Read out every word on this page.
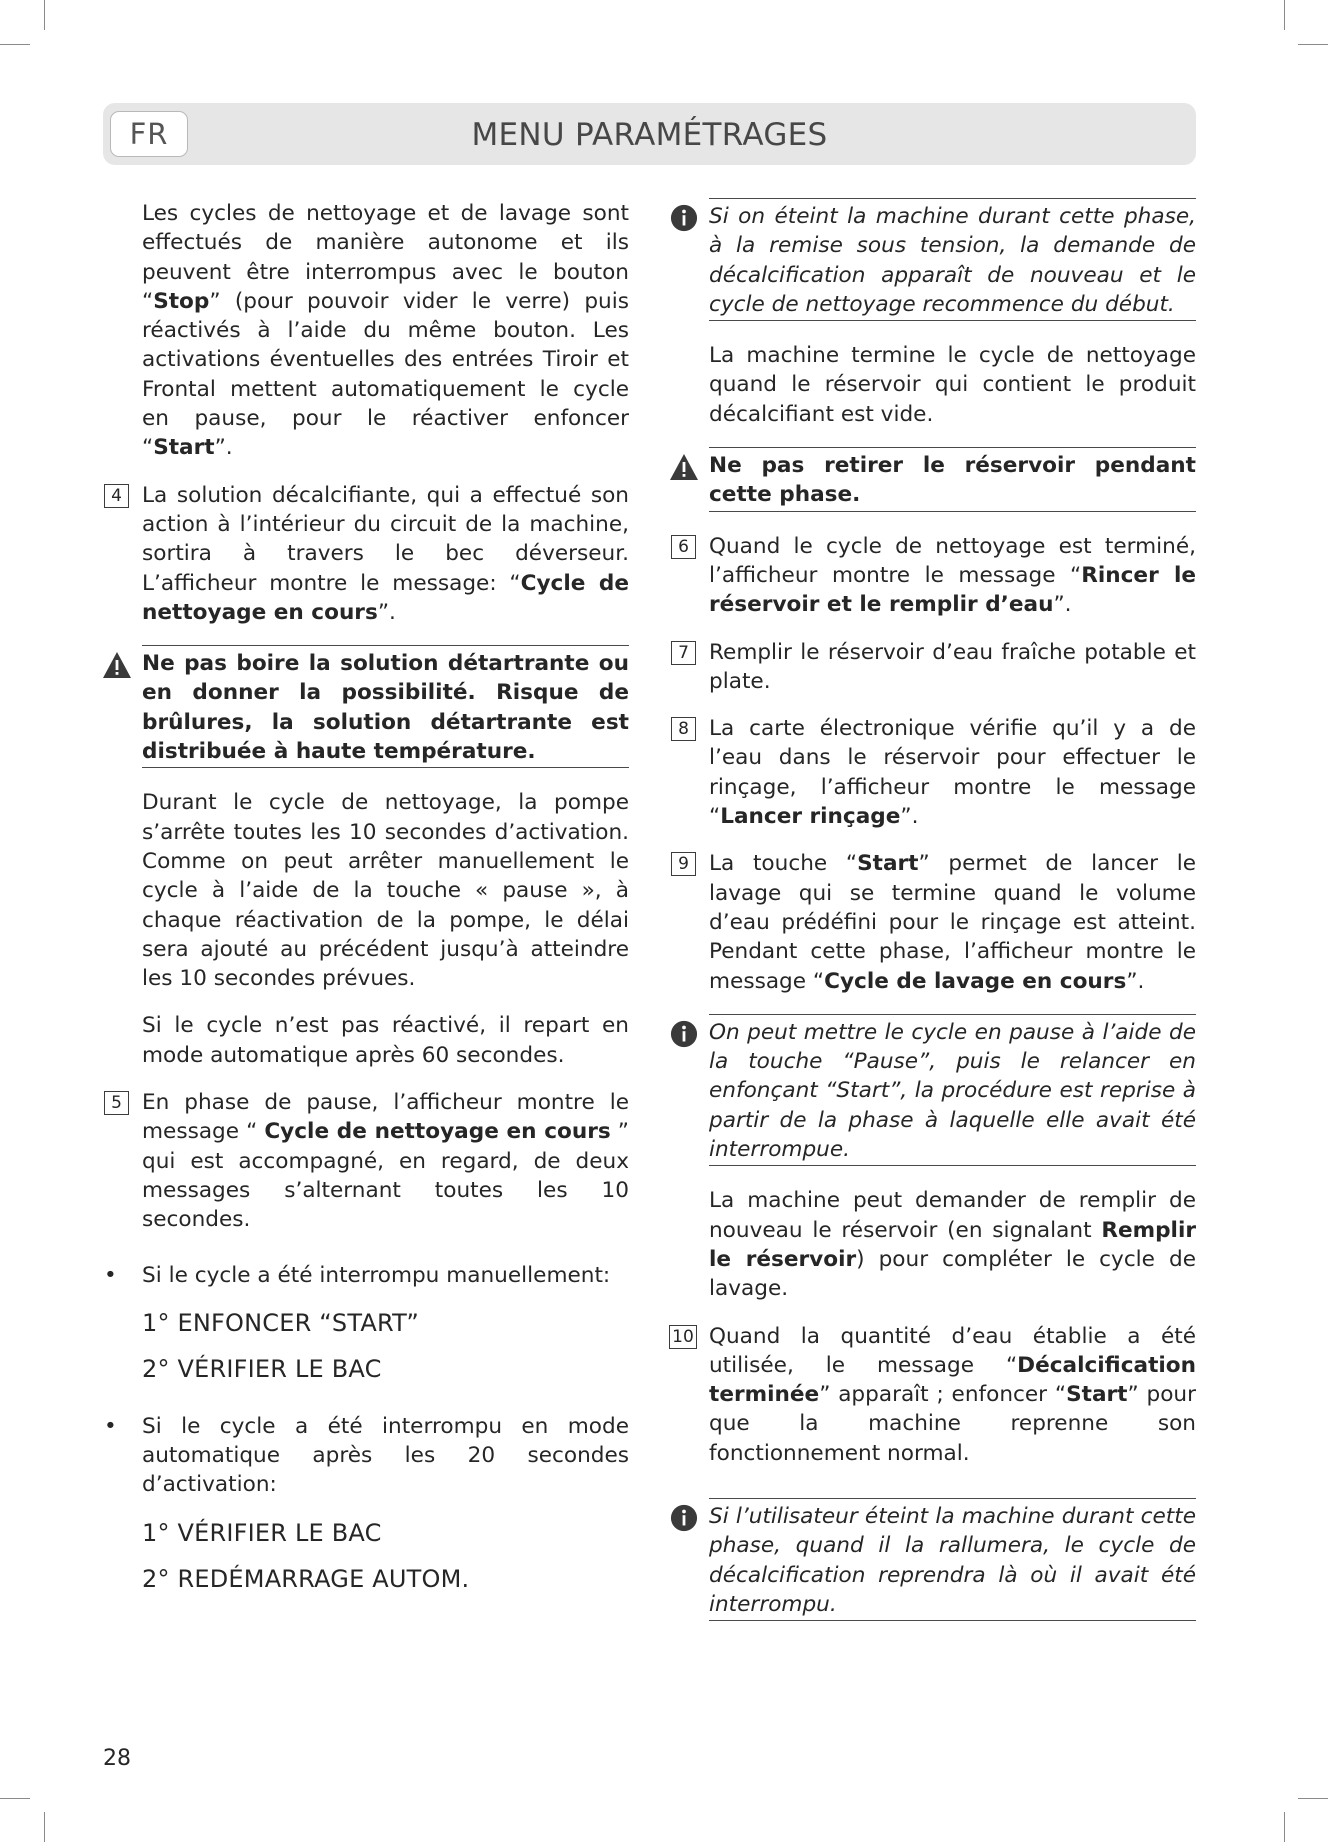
FR	MENU PARAMÉTRAGES

Les cycles de nettoyage et de lavage sont effectués de manière autonome et ils peuvent être interrompus avec le bouton “Stop” (pour pouvoir vider le verre) puis réactivés à l’aide du même bouton. Les activations éventuelles des entrées Tiroir et Frontal mettent automatiquement le cycle en pause, pour le réactiver enfoncer “Start”.

4 La solution décalcifiante, qui a effectué son action à l’intérieur du circuit de la machine, sortira à travers le bec déverseur. L’afficheur montre le message: “Cycle de nettoyage en cours”.
Ne pas boire la solution détartrante ou en donner la possibilité. Risque de brûlures, la solution détartrante est distribuée à haute température.

Durant le cycle de nettoyage, la pompe s’arrête toutes les 10 secondes d’activation. Comme on peut arrêter manuellement le cycle à l’aide de la touche « pause », à chaque réactivation de la pompe, le délai sera ajouté au précédent jusqu’à atteindre les 10 secondes prévues.

Si le cycle n’est pas réactivé, il repart en mode automatique après 60 secondes.

5 En phase de pause, l’afficheur montre le message “ Cycle de nettoyage en cours ” qui est accompagné, en regard, de deux messages s’alternant toutes les 10 secondes.
• Si le cycle a été interrompu manuellement:
1° ENFONCER “START”
2° VÉRIFIER LE BAC
• Si le cycle a été interrompu en mode automatique après les 20 secondes d’activation:
1° VÉRIFIER LE BAC
2° REDÉMARRAGE AUTOM.
Si on éteint la machine durant cette phase, à la remise sous tension, la demande de décalcification apparaît de nouveau et le cycle de nettoyage recommence du début.

La machine termine le cycle de nettoyage quand le réservoir qui contient le produit décalcifiant est vide.

Ne pas retirer le réservoir pendant cette phase.
6 Quand le cycle de nettoyage est terminé, l’afficheur montre le message “Rincer le réservoir et le remplir d’eau”.
7 Remplir le réservoir d’eau fraîche potable et plate.
8 La carte électronique vérifie qu’il y a de l’eau dans le réservoir pour effectuer le rinçage, l’afficheur montre le message “Lancer rinçage”.
9 La touche “Start” permet de lancer le lavage qui se termine quand le volume d’eau prédéfini pour le rinçage est atteint. Pendant cette phase, l’afficheur montre le message “Cycle de lavage en cours”.
On peut mettre le cycle en pause à l’aide de la touche “Pause”, puis le relancer en enfonçant “Start”, la procédure est reprise à partir de la phase à laquelle elle avait été interrompue.

La machine peut demander de remplir de nouveau le réservoir (en signalant Remplir le réservoir) pour compléter le cycle de lavage.

10 Quand la quantité d’eau établie a été utilisée, le message “Décalcification terminée” apparaît ; enfoncer “Start” pour que la machine reprenne son fonctionnement normal.
Si l’utilisateur éteint la machine durant cette phase, quand il la rallumera, le cycle de décalcification reprendra là où il avait été interrompu.
28
